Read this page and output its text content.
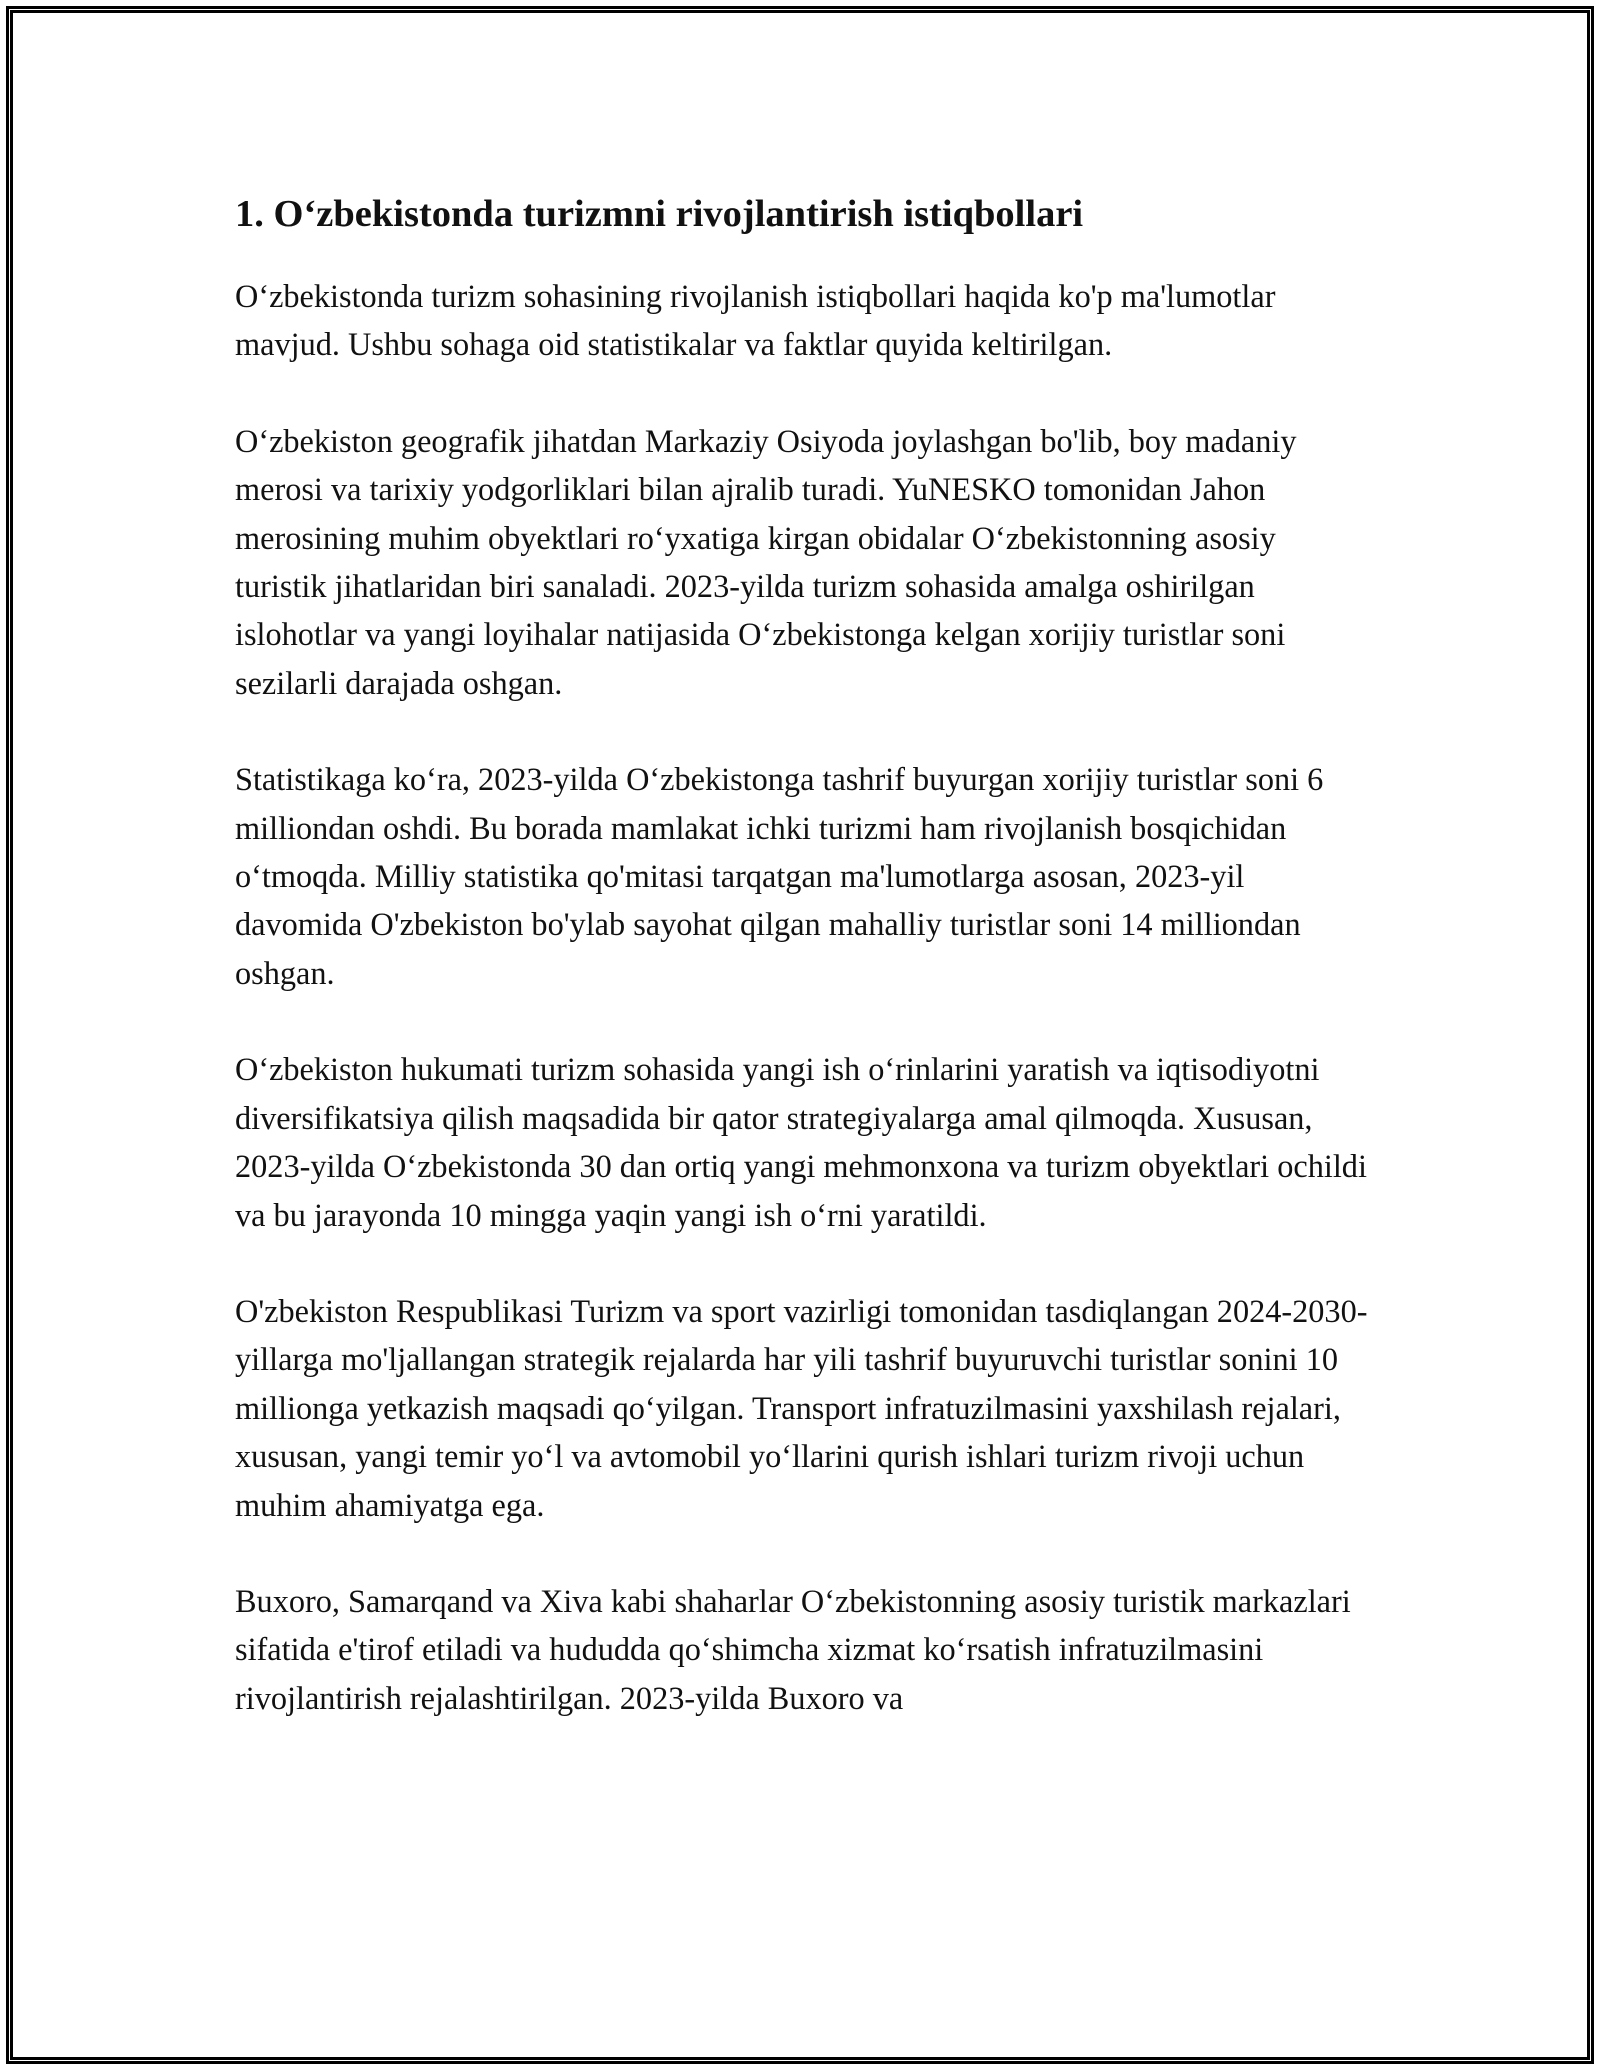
1. O‘zbekistonda turizmni rivojlantirish istiqbollari

O‘zbekistonda turizm sohasining rivojlanish istiqbollari haqida ko'p ma'lumotlar mavjud. Ushbu sohaga oid statistikalar va faktlar quyida keltirilgan.

O‘zbekiston geografik jihatdan Markaziy Osiyoda joylashgan bo'lib, boy madaniy merosi va tarixiy yodgorliklari bilan ajralib turadi. YuNESKO tomonidan Jahon merosining muhim obyektlari ro‘yxatiga kirgan obidalar O‘zbekistonning asosiy turistik jihatlaridan biri sanaladi. 2023-yilda turizm sohasida amalga oshirilgan islohotlar va yangi loyihalar natijasida O‘zbekistonga kelgan xorijiy turistlar soni sezilarli darajada oshgan.

Statistikaga ko‘ra, 2023-yilda O‘zbekistonga tashrif buyurgan xorijiy turistlar soni 6 milliondan oshdi. Bu borada mamlakat ichki turizmi ham rivojlanish bosqichidan o‘tmoqda. Milliy statistika qo'mitasi tarqatgan ma'lumotlarga asosan, 2023-yil davomida O'zbekiston bo'ylab sayohat qilgan mahalliy turistlar soni 14 milliondan oshgan.

O‘zbekiston hukumati turizm sohasida yangi ish o‘rinlarini yaratish va iqtisodiyotni diversifikatsiya qilish maqsadida bir qator strategiyalarga amal qilmoqda. Xususan, 2023-yilda O‘zbekistonda 30 dan ortiq yangi mehmonxona va turizm obyektlari ochildi va bu jarayonda 10 mingga yaqin yangi ish o‘rni yaratildi.

O'zbekiston Respublikasi Turizm va sport vazirligi tomonidan tasdiqlangan 2024-2030-yillarga mo'ljallangan strategik rejalarda har yili tashrif buyuruvchi turistlar sonini 10 millionga yetkazish maqsadi qo‘yilgan. Transport infratuzilmasini yaxshilash rejalari, xususan, yangi temir yo‘l va avtomobil yo‘llarini qurish ishlari turizm rivoji uchun muhim ahamiyatga ega.

Buxoro, Samarqand va Xiva kabi shaharlar O‘zbekistonning asosiy turistik markazlari sifatida e'tirof etiladi va hududda qo‘shimcha xizmat ko‘rsatish infratuzilmasini rivojlantirish rejalashtirilgan. 2023-yilda Buxoro va
